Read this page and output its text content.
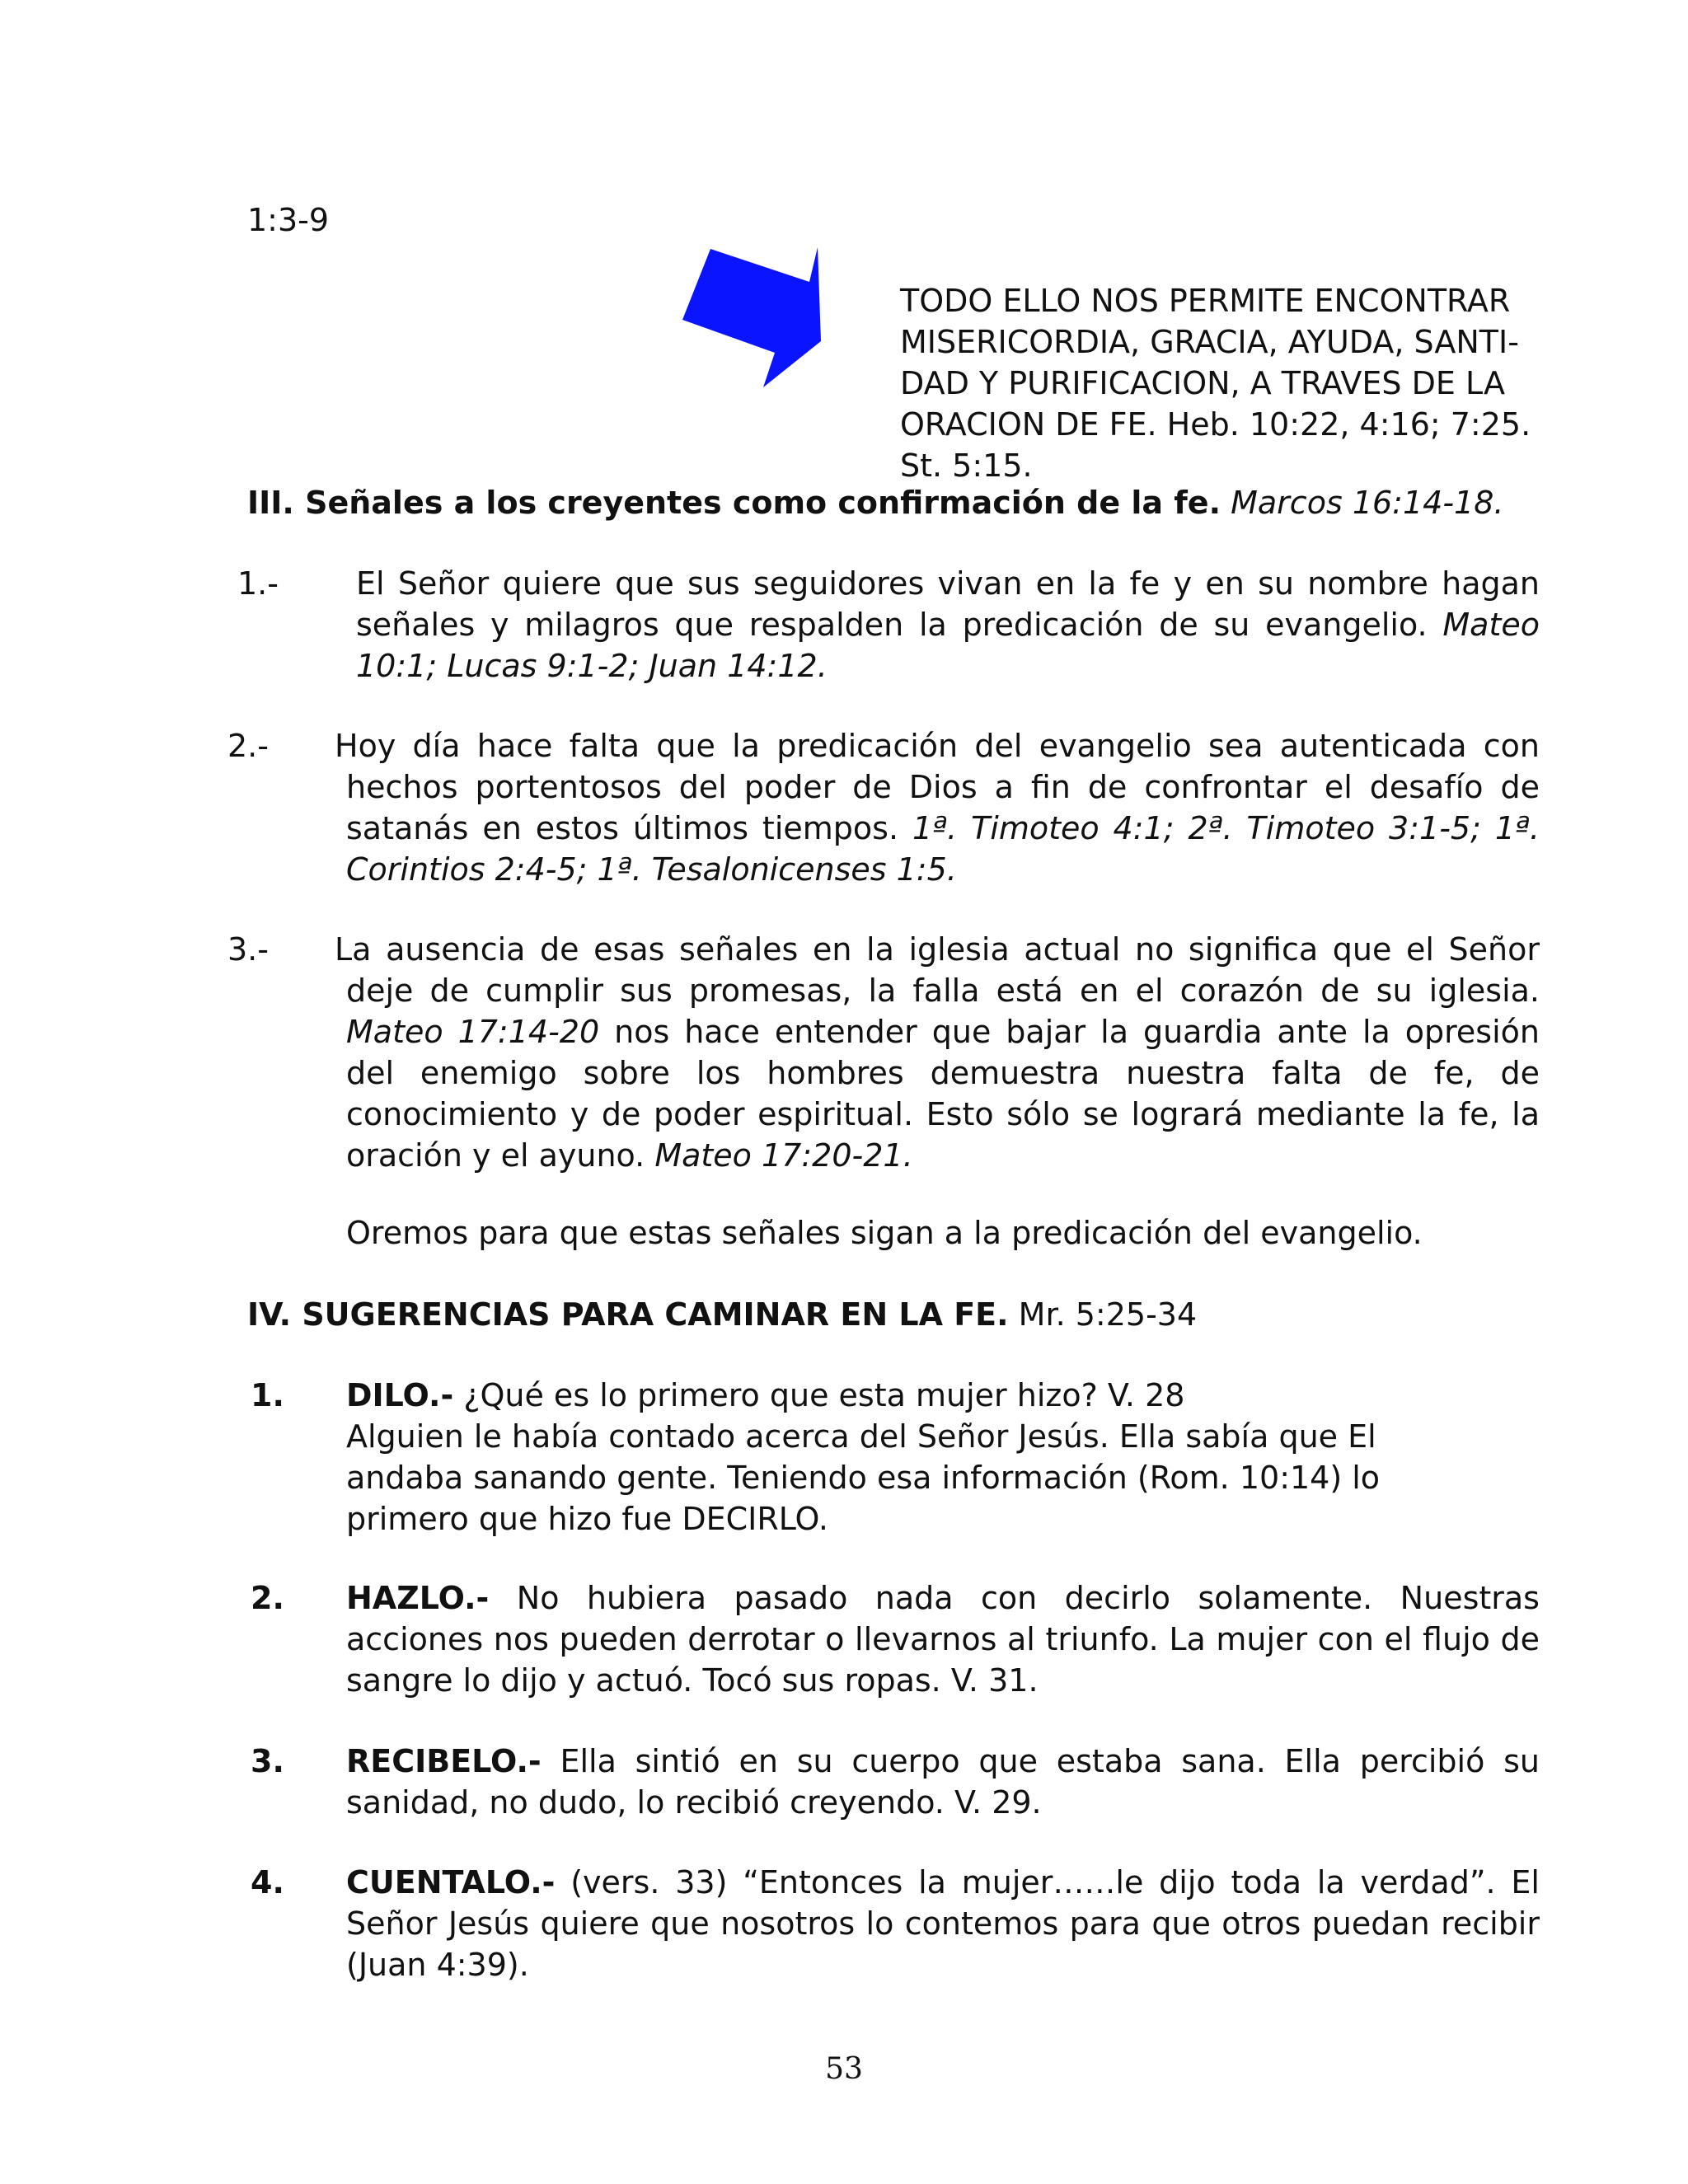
1:3-9
TODO ELLO NOS PERMITE ENCONTRAR
MISERICORDIA, GRACIA, AYUDA, SANTI-
DAD Y PURIFICACION, A TRAVES DE LA
ORACION DE FE. Heb. 10:22, 4:16; 7:25.
St. 5:15.
III. Señales a los creyentes como confirmación de la fe. Marcos 16:14-18.
1.- El Señor quiere que sus seguidores vivan en la fe y en su nombre hagan señales y milagros que respalden la predicación de su evangelio. Mateo 10:1; Lucas 9:1-2; Juan 14:12.
2.- Hoy día hace falta que la predicación del evangelio sea autenticada con hechos portentosos del poder de Dios a fin de confrontar el desafío de satanás en estos últimos tiempos. 1ª. Timoteo 4:1; 2ª. Timoteo 3:1-5; 1ª. Corintios 2:4-5; 1ª. Tesalonicenses 1:5.
3.- La ausencia de esas señales en la iglesia actual no significa que el Señor deje de cumplir sus promesas, la falla está en el corazón de su iglesia. Mateo 17:14-20 nos hace entender que bajar la guardia ante la opresión del enemigo sobre los hombres demuestra nuestra falta de fe, de conocimiento y de poder espiritual. Esto sólo se logrará mediante la fe, la oración y el ayuno. Mateo 17:20-21.
Oremos para que estas señales sigan a la predicación del evangelio.
IV. SUGERENCIAS PARA CAMINAR EN LA FE. Mr. 5:25-34
1. DILO.- ¿Qué es lo primero que esta mujer hizo? V. 28
Alguien le había contado acerca del Señor Jesús. Ella sabía que El
andaba sanando gente. Teniendo esa información (Rom. 10:14) lo
primero que hizo fue DECIRLO.
2. HAZLO.- No hubiera pasado nada con decirlo solamente. Nuestras acciones nos pueden derrotar o llevarnos al triunfo. La mujer con el flujo de sangre lo dijo y actuó. Tocó sus ropas. V. 31.
3. RECIBELO.- Ella sintió en su cuerpo que estaba sana. Ella percibió su sanidad, no dudo, lo recibió creyendo. V. 29.
4. CUENTALO.- (vers. 33) “Entonces la mujer……le dijo toda la verdad”. El Señor Jesús quiere que nosotros lo contemos para que otros puedan recibir (Juan 4:39).
53
